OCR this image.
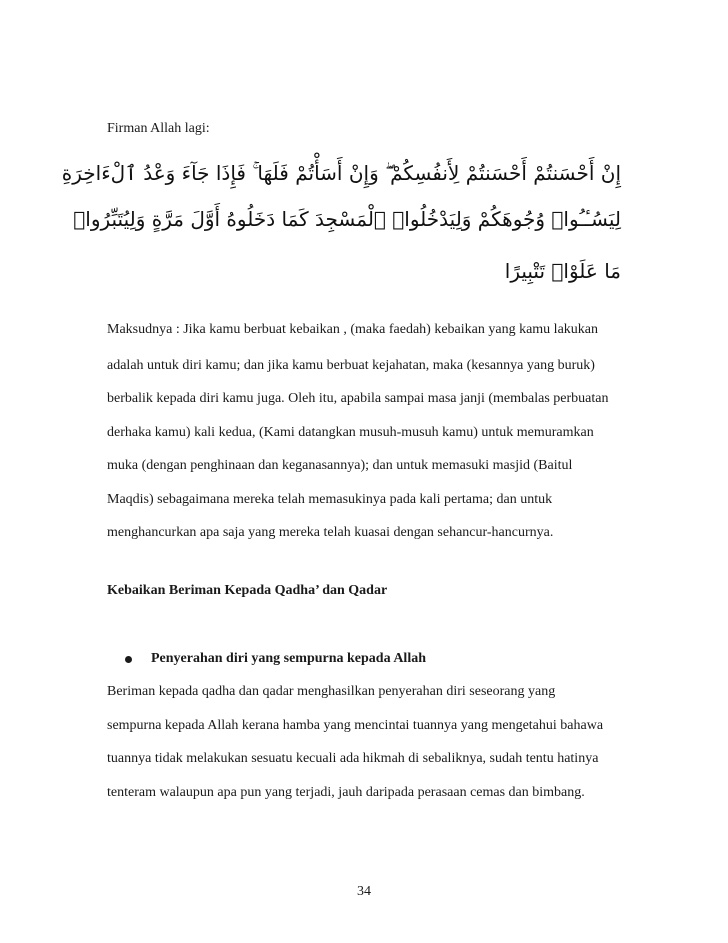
Firman Allah lagi:

إِنْ أَحْسَنتُمْ أَحْسَنتُمْ لِأَنفُسِكُمْ ۖ وَإِنْ أَسَأْتُمْ فَلَهَا ۚ فَإِذَا جَآءَ وَعْدُ ٱلْءَاخِرَةِ
لِيَسُـٔـُوا۟ وُجُوهَكُمْ وَلِيَدْخُلُوا۟ ٱلْمَسْجِدَ كَمَا دَخَلُوهُ أَوَّلَ مَرَّةٍ وَلِيُتَبِّرُوا۟
مَا عَلَوْا۟ تَتْبِيرًا

Maksudnya : Jika kamu berbuat kebaikan , (maka faedah) kebaikan yang kamu lakukan

adalah untuk diri kamu; dan jika kamu berbuat kejahatan, maka (kesannya yang buruk)

berbalik kepada diri kamu juga. Oleh itu, apabila sampai masa janji (membalas perbuatan

derhaka kamu) kali kedua, (Kami datangkan musuh-musuh kamu) untuk memuramkan

muka (dengan penghinaan dan keganasannya); dan untuk memasuki masjid (Baitul

Maqdis) sebagaimana mereka telah memasukinya pada kali pertama; dan untuk

menghancurkan apa saja yang mereka telah kuasai dengan sehancur-hancurnya.

Kebaikan Beriman Kepada Qadha’ dan Qadar

Penyerahan diri yang sempurna kepada Allah

Beriman kepada qadha dan qadar menghasilkan penyerahan diri seseorang yang

sempurna kepada Allah kerana hamba yang mencintai tuannya yang mengetahui bahawa

tuannya tidak melakukan sesuatu kecuali ada hikmah di sebaliknya, sudah tentu hatinya

tenteram walaupun apa pun yang terjadi, jauh daripada perasaan cemas dan bimbang.

34
